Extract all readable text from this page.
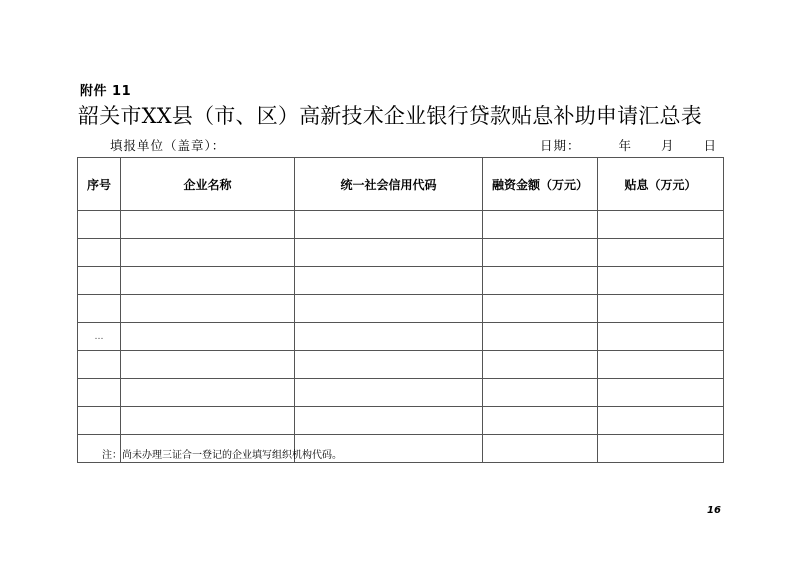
附件 11
韶关市XX县（市、区）高新技术企业银行贷款贴息补助申请汇总表
填报单位（盖章）：	日期：	年 月 日
序号	企业名称	统一社会信用代码	融资金额（万元）	贴息（万元）

…				

注：尚未办理三证合一登记的企业填写组织机构代码。
16
